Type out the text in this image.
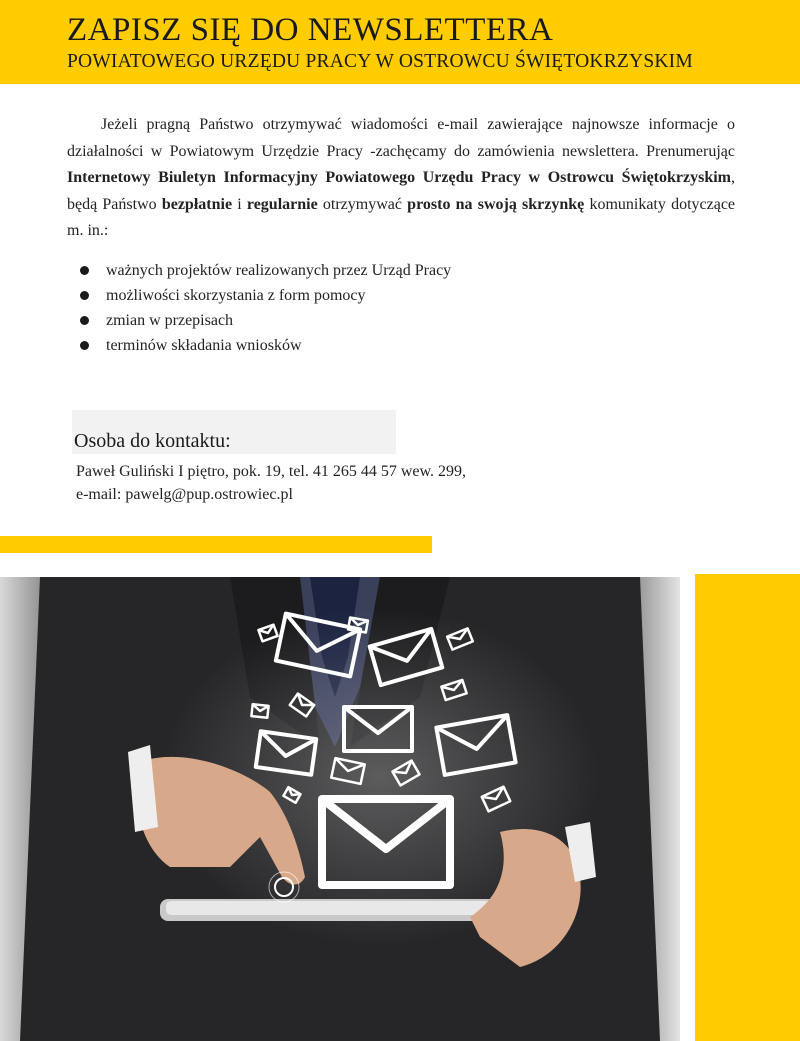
ZAPISZ SIĘ DO NEWSLETTERA
POWIATOWEGO URZĘDU PRACY W OSTROWCU ŚWIĘTOKRZYSKIM
Jeżeli pragną Państwo otrzymywać wiadomości e-mail zawierające najnowsze informacje o działalności w Powiatowym Urzędzie Pracy -zachęcamy do zamówienia newslettera. Prenumerując Internetowy Biuletyn Informacyjny Powiatowego Urzędu Pracy w Ostrowcu Świętokrzyskim, będą Państwo bezpłatnie i regularnie otrzymywać prosto na swoją skrzynkę komunikaty dotyczące m. in.:
ważnych projektów realizowanych przez Urząd Pracy
możliwości skorzystania z form pomocy
zmian w przepisach
terminów składania wniosków
Osoba do kontaktu:
Paweł Guliński I piętro, pok. 19, tel. 41 265 44 57 wew. 299,
e-mail: pawelg@pup.ostrowiec.pl
